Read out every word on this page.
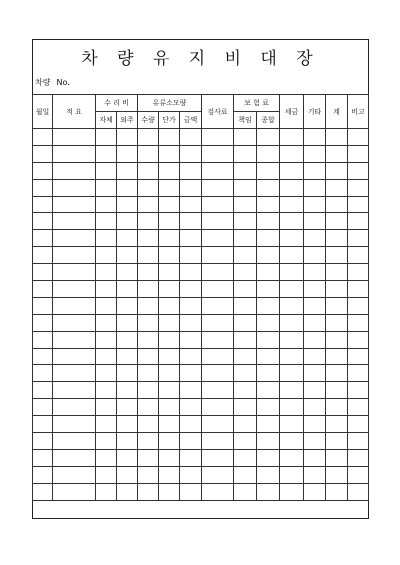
차 량 유 지 비 대 장
차량 No.
월일	적 요	수 리 비		유류소모량			검사료	보 험 료		세금	기타	계	비고
		자체	외주	수량	단가	금액		책임	종합				
